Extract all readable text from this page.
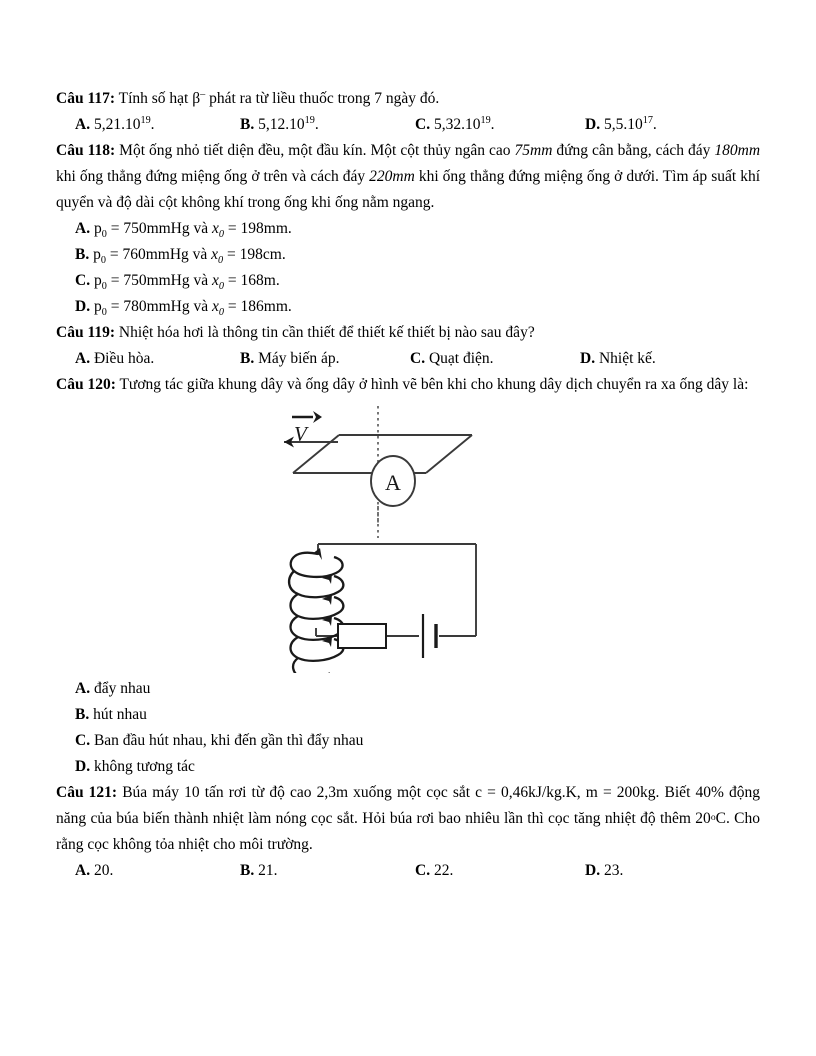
Câu 117: Tính số hạt β– phát ra từ liều thuốc trong 7 ngày đó.
A. 5,21.10$^{19}$.	B. 5,12.10$^{19}$.	C. 5,32.10$^{19}$.	D. 5,5.10$^{17}$.
Câu 118: Một ống nhỏ tiết diện đều, một đầu kín. Một cột thủy ngân cao 75mm đứng cân bằng, cách đáy 180mm khi ống thẳng đứng miệng ống ở trên và cách đáy 220mm khi ống thẳng đứng miệng ống ở dưới. Tìm áp suất khí quyển và độ dài cột không khí trong ống khi ống nằm ngang.
A. $p_0$ = 750mmHg và $x_0 = 198mm$.
B. $p_0$ = 760mmHg và $x_0 = 198cm$.
C. $p_0$ = 750mmHg và $x_0 = 168m$.
D. $p_0$ = 780mmHg và $x_0 = 186mm$.
Câu 119: Nhiệt hóa hơi là thông tin cần thiết để thiết kế thiết bị nào sau đây?
A. Điều hòa.	B. Máy biến áp.	C. Quạt điện.	D. Nhiệt kế.
Câu 120: Tương tác giữa khung dây và ống dây ở hình vẽ bên khi cho khung dây dịch chuyển ra xa ống dây là:
V
A
A. đẩy nhau
B. hút nhau
C. Ban đầu hút nhau, khi đến gần thì đẩy nhau
D. không tương tác
Câu 121: Búa máy 10 tấn rơi từ độ cao 2,3m xuống một cọc sắt c = 0,46kJ/kg.K, m = 200kg. Biết 40% động năng của búa biến thành nhiệt làm nóng cọc sắt. Hỏi búa rơi bao nhiêu lần thì cọc tăng nhiệt độ thêm 20oC. Cho rằng cọc không tỏa nhiệt cho môi trường.
A. 20.	B. 21.	C. 22.	D. 23.
